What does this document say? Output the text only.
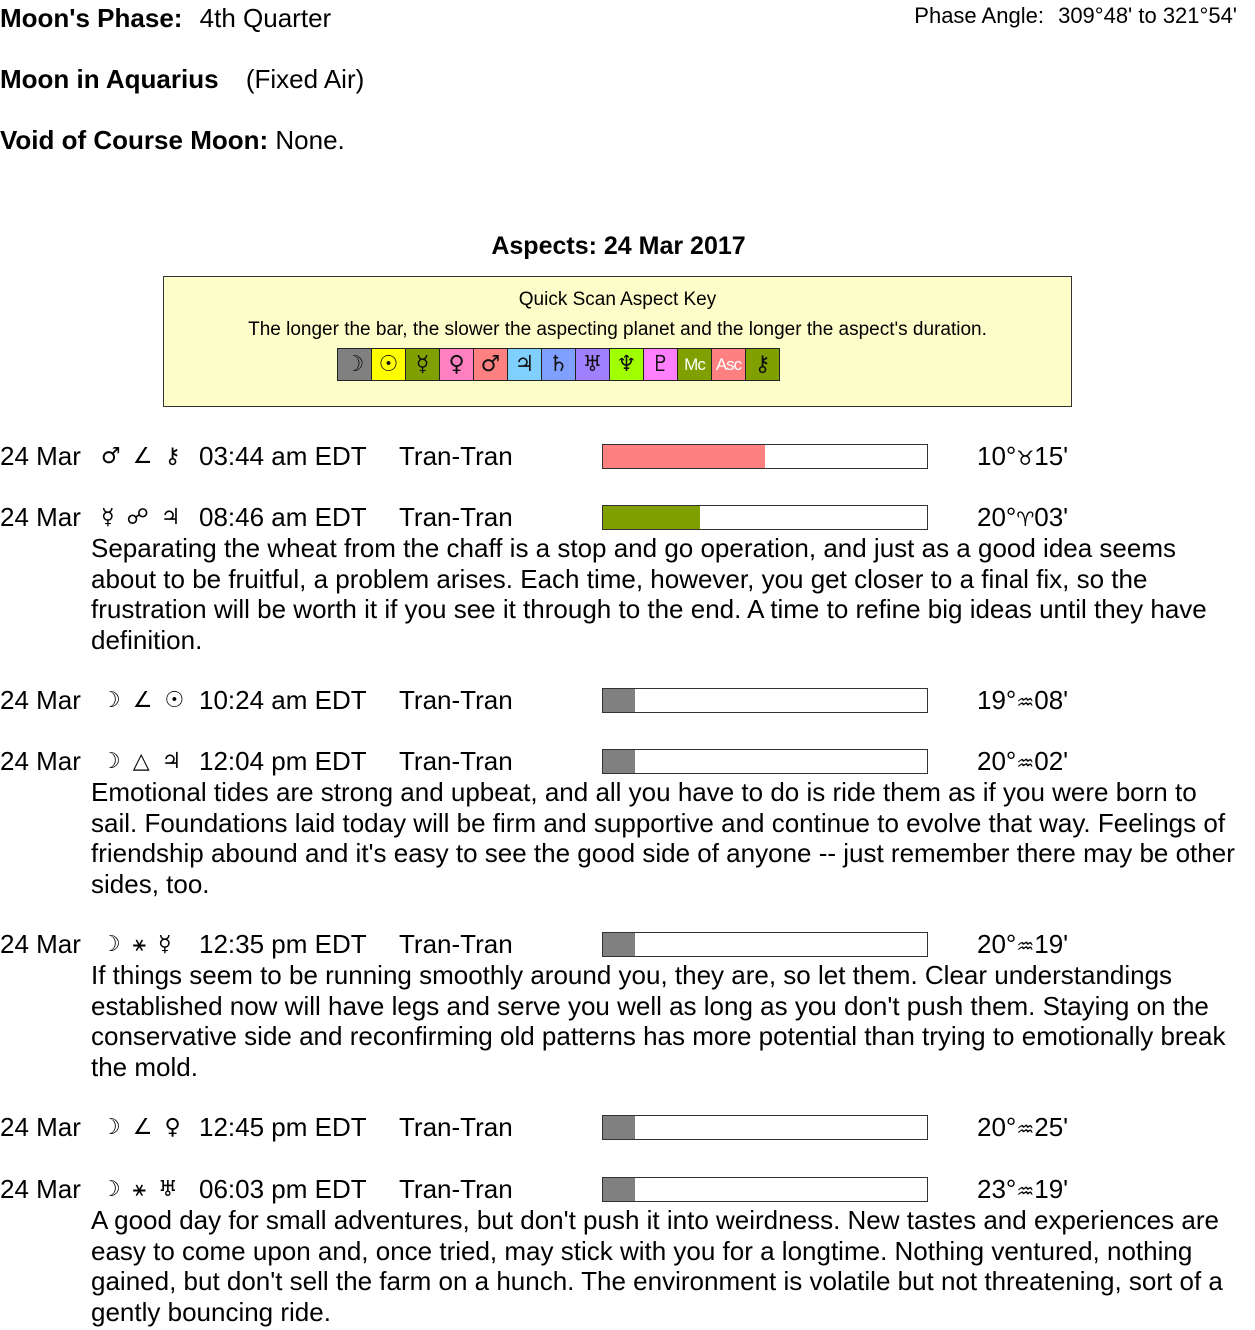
Moon's Phase: 4th Quarter	Phase Angle: 309°48' to 321°54'
Moon in Aquarius (Fixed Air)
Void of Course Moon: None.
Aspects: 24 Mar 2017
Quick Scan Aspect Key
The longer the bar, the slower the aspecting planet and the longer the aspect's duration.
☽ ☉ ☿ ♀ ♂ ♃ ♄ ♅ ♆ ♇ Mc Asc ⚷
24 Mar ♂ ∠ ⚷ 03:44 am EDT Tran-Tran	10°♉15'
24 Mar ☿ ☍ ♃ 08:46 am EDT Tran-Tran	20°♈03'
Separating the wheat from the chaff is a stop and go operation, and just as a good idea seems about to be fruitful, a problem arises. Each time, however, you get closer to a final fix, so the frustration will be worth it if you see it through to the end. A time to refine big ideas until they have definition.
24 Mar ☽ ∠ ☉ 10:24 am EDT Tran-Tran	19°♒08'
24 Mar ☽ △ ♃ 12:04 pm EDT Tran-Tran	20°♒02'
Emotional tides are strong and upbeat, and all you have to do is ride them as if you were born to sail. Foundations laid today will be firm and supportive and continue to evolve that way. Feelings of friendship abound and it's easy to see the good side of anyone -- just remember there may be other sides, too.
24 Mar ☽ ⚹ ☿ 12:35 pm EDT Tran-Tran	20°♒19'
If things seem to be running smoothly around you, they are, so let them. Clear understandings established now will have legs and serve you well as long as you don't push them. Staying on the conservative side and reconfirming old patterns has more potential than trying to emotionally break the mold.
24 Mar ☽ ∠ ♀ 12:45 pm EDT Tran-Tran	20°♒25'
24 Mar ☽ ⚹ ♅ 06:03 pm EDT Tran-Tran	23°♒19'
A good day for small adventures, but don't push it into weirdness. New tastes and experiences are easy to come upon and, once tried, may stick with you for a longtime. Nothing ventured, nothing gained, but don't sell the farm on a hunch. The environment is volatile but not threatening, sort of a gently bouncing ride.
